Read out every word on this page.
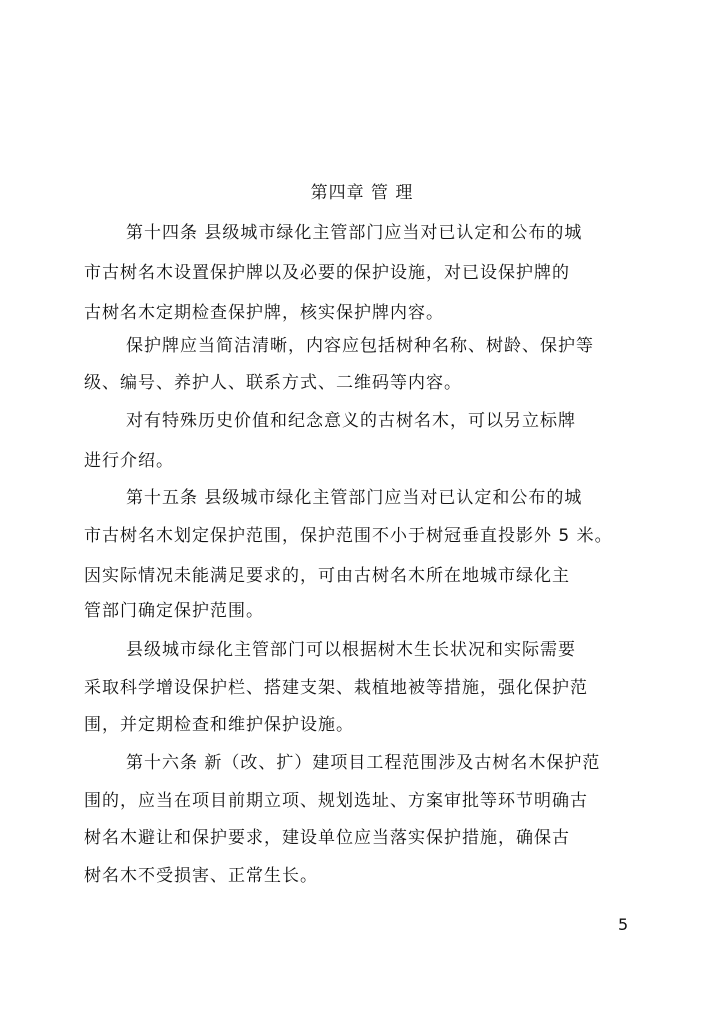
第四章 管 理
第十四条 县级城市绿化主管部门应当对已认定和公布的城
市古树名木设置保护牌以及必要的保护设施，对已设保护牌的
古树名木定期检查保护牌，核实保护牌内容。
保护牌应当简洁清晰，内容应包括树种名称、树龄、保护等
级、编号、养护人、联系方式、二维码等内容。
对有特殊历史价值和纪念意义的古树名木，可以另立标牌
进行介绍。
第十五条 县级城市绿化主管部门应当对已认定和公布的城
市古树名木划定保护范围，保护范围不小于树冠垂直投影外 5 米。
因实际情况未能满足要求的，可由古树名木所在地城市绿化主
管部门确定保护范围。
县级城市绿化主管部门可以根据树木生长状况和实际需要
采取科学增设保护栏、搭建支架、栽植地被等措施，强化保护范
围，并定期检查和维护保护设施。
第十六条 新（改、扩）建项目工程范围涉及古树名木保护范
围的，应当在项目前期立项、规划选址、方案审批等环节明确古
树名木避让和保护要求，建设单位应当落实保护措施，确保古
树名木不受损害、正常生长。
5
